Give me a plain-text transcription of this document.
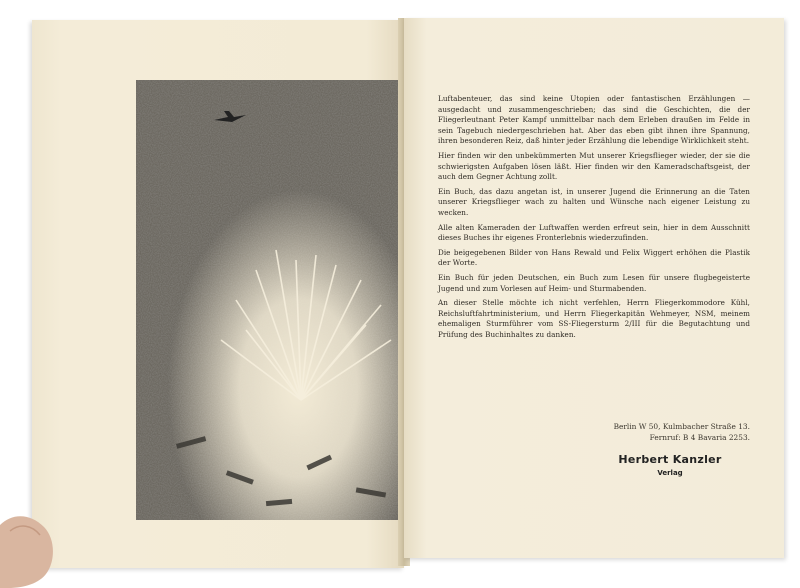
Luftabenteuer, das sind keine Utopien oder fantastischen Erzählungen — ausgedacht und zusammengeschrieben; das sind die Geschichten, die der Fliegerleutnant Peter Kampf unmittelbar nach dem Erleben draußen im Felde in sein Tagebuch niedergeschrieben hat. Aber das eben gibt ihnen ihre Spannung, ihren besonderen Reiz, daß hinter jeder Erzählung die lebendige Wirklichkeit steht.

Hier finden wir den unbekümmerten Mut unserer Kriegsflieger wieder, der sie die schwierigsten Aufgaben lösen läßt. Hier finden wir den Kameradschaftsgeist, der auch dem Gegner Achtung zollt.

Ein Buch, das dazu angetan ist, in unserer Jugend die Erinnerung an die Taten unserer Kriegsflieger wach zu halten und Wünsche nach eigener Leistung zu wecken.

Alle alten Kameraden der Luftwaffen werden erfreut sein, hier in dem Ausschnitt dieses Buches ihr eigenes Fronterlebnis wiederzufinden.

Die beigegebenen Bilder von Hans Rewald und Felix Wiggert erhöhen die Plastik der Worte.

Ein Buch für jeden Deutschen, ein Buch zum Lesen für unsere flugbegeisterte Jugend und zum Vorlesen auf Heim- und Sturmabenden.

An dieser Stelle möchte ich nicht verfehlen, Herrn Fliegerkommodore Kühl, Reichsluftfahrtministerium, und Herrn Fliegerkapitän Wehmeyer, NSM, meinem ehemaligen Sturmführer vom SS-Fliegersturm 2/III für die Begutachtung und Prüfung des Buchinhaltes zu danken.

Berlin W 50, Kulmbacher Straße 13.
Fernruf: B 4 Bavaria 2253.
Herbert Kanzler
Verlag
